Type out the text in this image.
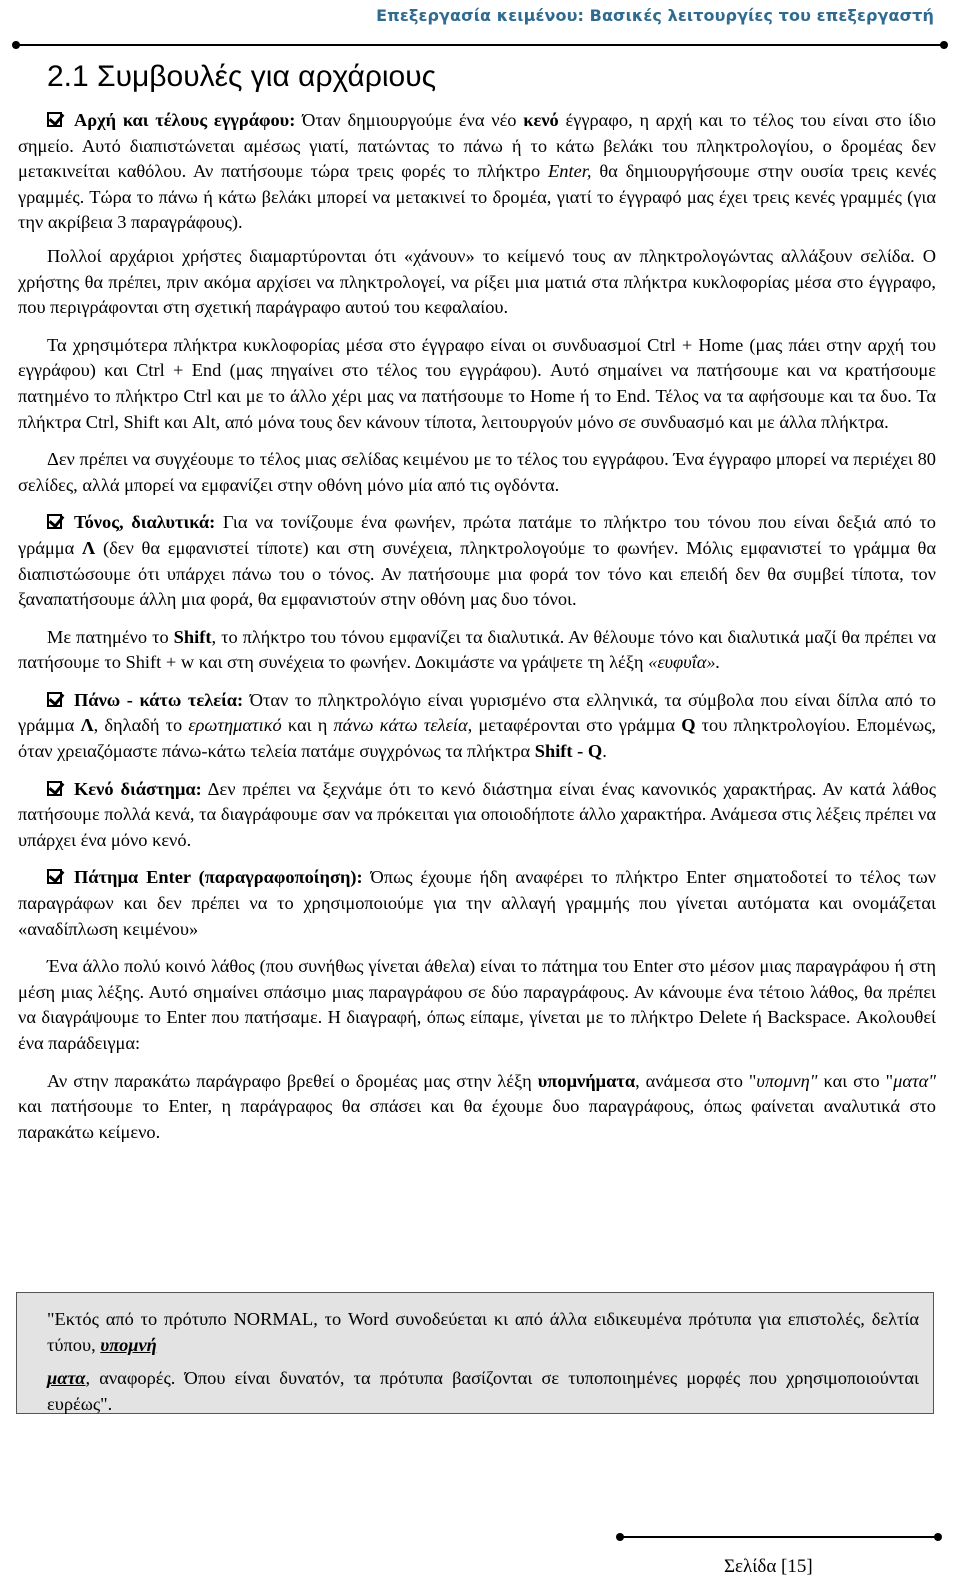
Επεξεργασία κειμένου: Βασικές λειτουργίες του επεξεργαστή
2.1 Συμβουλές για αρχάριους

Αρχή και τέλους εγγράφου: Όταν δημιουργούμε ένα νέο κενό έγγραφο, η αρχή και το τέλος του είναι στο ίδιο σημείο. Αυτό διαπιστώνεται αμέσως γιατί, πατώντας το πάνω ή το κάτω βελάκι του πληκτρολογίου, ο δρομέας δεν μετακινείται καθόλου. Αν πατήσουμε τώρα τρεις φορές το πλήκτρο Enter, θα δημιουργήσουμε στην ουσία τρεις κενές γραμμές. Τώρα το πάνω ή κάτω βελάκι μπορεί να μετακινεί το δρομέα, γιατί το έγγραφό μας έχει τρεις κενές γραμμές (για την ακρίβεια 3 παραγράφους).

Πολλοί αρχάριοι χρήστες διαμαρτύρονται ότι «χάνουν» το κείμενό τους αν πληκτρολογώντας αλλάξουν σελίδα. Ο χρήστης θα πρέπει, πριν ακόμα αρχίσει να πληκτρολογεί, να ρίξει μια ματιά στα πλήκτρα κυκλοφορίας μέσα στο έγγραφο, που περιγράφονται στη σχετική παράγραφο αυτού του κεφαλαίου.

Τα χρησιμότερα πλήκτρα κυκλοφορίας μέσα στο έγγραφο είναι οι συνδυασμοί Ctrl + Home (μας πάει στην αρχή του εγγράφου) και Ctrl + End (μας πηγαίνει στο τέλος του εγγράφου). Αυτό σημαίνει να πατήσουμε και να κρατήσουμε πατημένο το πλήκτρο Ctrl και με το άλλο χέρι μας να πατήσουμε το Home ή το End. Τέλος να τα αφήσουμε και τα δυο. Τα πλήκτρα Ctrl, Shift και Alt, από μόνα τους δεν κάνουν τίποτα, λειτουργούν μόνο σε συνδυασμό και με άλλα πλήκτρα.

Δεν πρέπει να συγχέουμε το τέλος μιας σελίδας κειμένου με το τέλος του εγγράφου. Ένα έγγραφο μπορεί να περιέχει 80 σελίδες, αλλά μπορεί να εμφανίζει στην οθόνη μόνο μία από τις ογδόντα.

Τόνος, διαλυτικά: Για να τονίζουμε ένα φωνήεν, πρώτα πατάμε το πλήκτρο του τόνου που είναι δεξιά από το γράμμα Λ (δεν θα εμφανιστεί τίποτε) και στη συνέχεια, πληκτρολογούμε το φωνήεν. Μόλις εμφανιστεί το γράμμα θα διαπιστώσουμε ότι υπάρχει πάνω του ο τόνος. Αν πατήσουμε μια φορά τον τόνο και επειδή δεν θα συμβεί τίποτα, τον ξαναπατήσουμε άλλη μια φορά, θα εμφανιστούν στην οθόνη μας δυο τόνοι.

Με πατημένο το Shift, το πλήκτρο του τόνου εμφανίζει τα διαλυτικά. Αν θέλουμε τόνο και διαλυτικά μαζί θα πρέπει να πατήσουμε το Shift + w και στη συνέχεια το φωνήεν. Δοκιμάστε να γράψετε τη λέξη «ευφυΐα».

Πάνω - κάτω τελεία: Όταν το πληκτρολόγιο είναι γυρισμένο στα ελληνικά, τα σύμβολα που είναι δίπλα από το γράμμα Λ, δηλαδή το ερωτηματικό και η πάνω κάτω τελεία, μεταφέρονται στο γράμμα Q του πληκτρολογίου. Επομένως, όταν χρειαζόμαστε πάνω-κάτω τελεία πατάμε συγχρόνως τα πλήκτρα Shift - Q.

Κενό διάστημα: Δεν πρέπει να ξεχνάμε ότι το κενό διάστημα είναι ένας κανονικός χαρακτήρας. Αν κατά λάθος πατήσουμε πολλά κενά, τα διαγράφουμε σαν να πρόκειται για οποιοδήποτε άλλο χαρακτήρα. Ανάμεσα στις λέξεις πρέπει να υπάρχει ένα μόνο κενό.

Πάτημα Enter (παραγραφοποίηση): Όπως έχουμε ήδη αναφέρει το πλήκτρο Enter σηματοδοτεί το τέλος των παραγράφων και δεν πρέπει να το χρησιμοποιούμε για την αλλαγή γραμμής που γίνεται αυτόματα και ονομάζεται «αναδίπλωση κειμένου»

Ένα άλλο πολύ κοινό λάθος (που συνήθως γίνεται άθελα) είναι το πάτημα του Enter στο μέσον μιας παραγράφου ή στη μέση μιας λέξης. Αυτό σημαίνει σπάσιμο μιας παραγράφου σε δύο παραγράφους. Αν κάνουμε ένα τέτοιο λάθος, θα πρέπει να διαγράψουμε το Enter που πατήσαμε. Η διαγραφή, όπως είπαμε, γίνεται με το πλήκτρο Delete ή Backspace. Ακολουθεί ένα παράδειγμα:

Αν στην παρακάτω παράγραφο βρεθεί ο δρομέας μας στην λέξη υπομνήματα, ανάμεσα στο "υπομνη" και στο "ματα" και πατήσουμε το Enter, η παράγραφος θα σπάσει και θα έχουμε δυο παραγράφους, όπως φαίνεται αναλυτικά στο παρακάτω κείμενο.

"Εκτός από το πρότυπο NORMAL, το Word συνοδεύεται κι από άλλα ειδικευμένα πρότυπα για επιστολές, δελτία τύπου, υπομνή
ματα, αναφορές. Όπου είναι δυνατόν, τα πρότυπα βασίζονται σε τυποποιημένες μορφές που χρησιμοποιούνται ευρέως".
Σελίδα [15]
